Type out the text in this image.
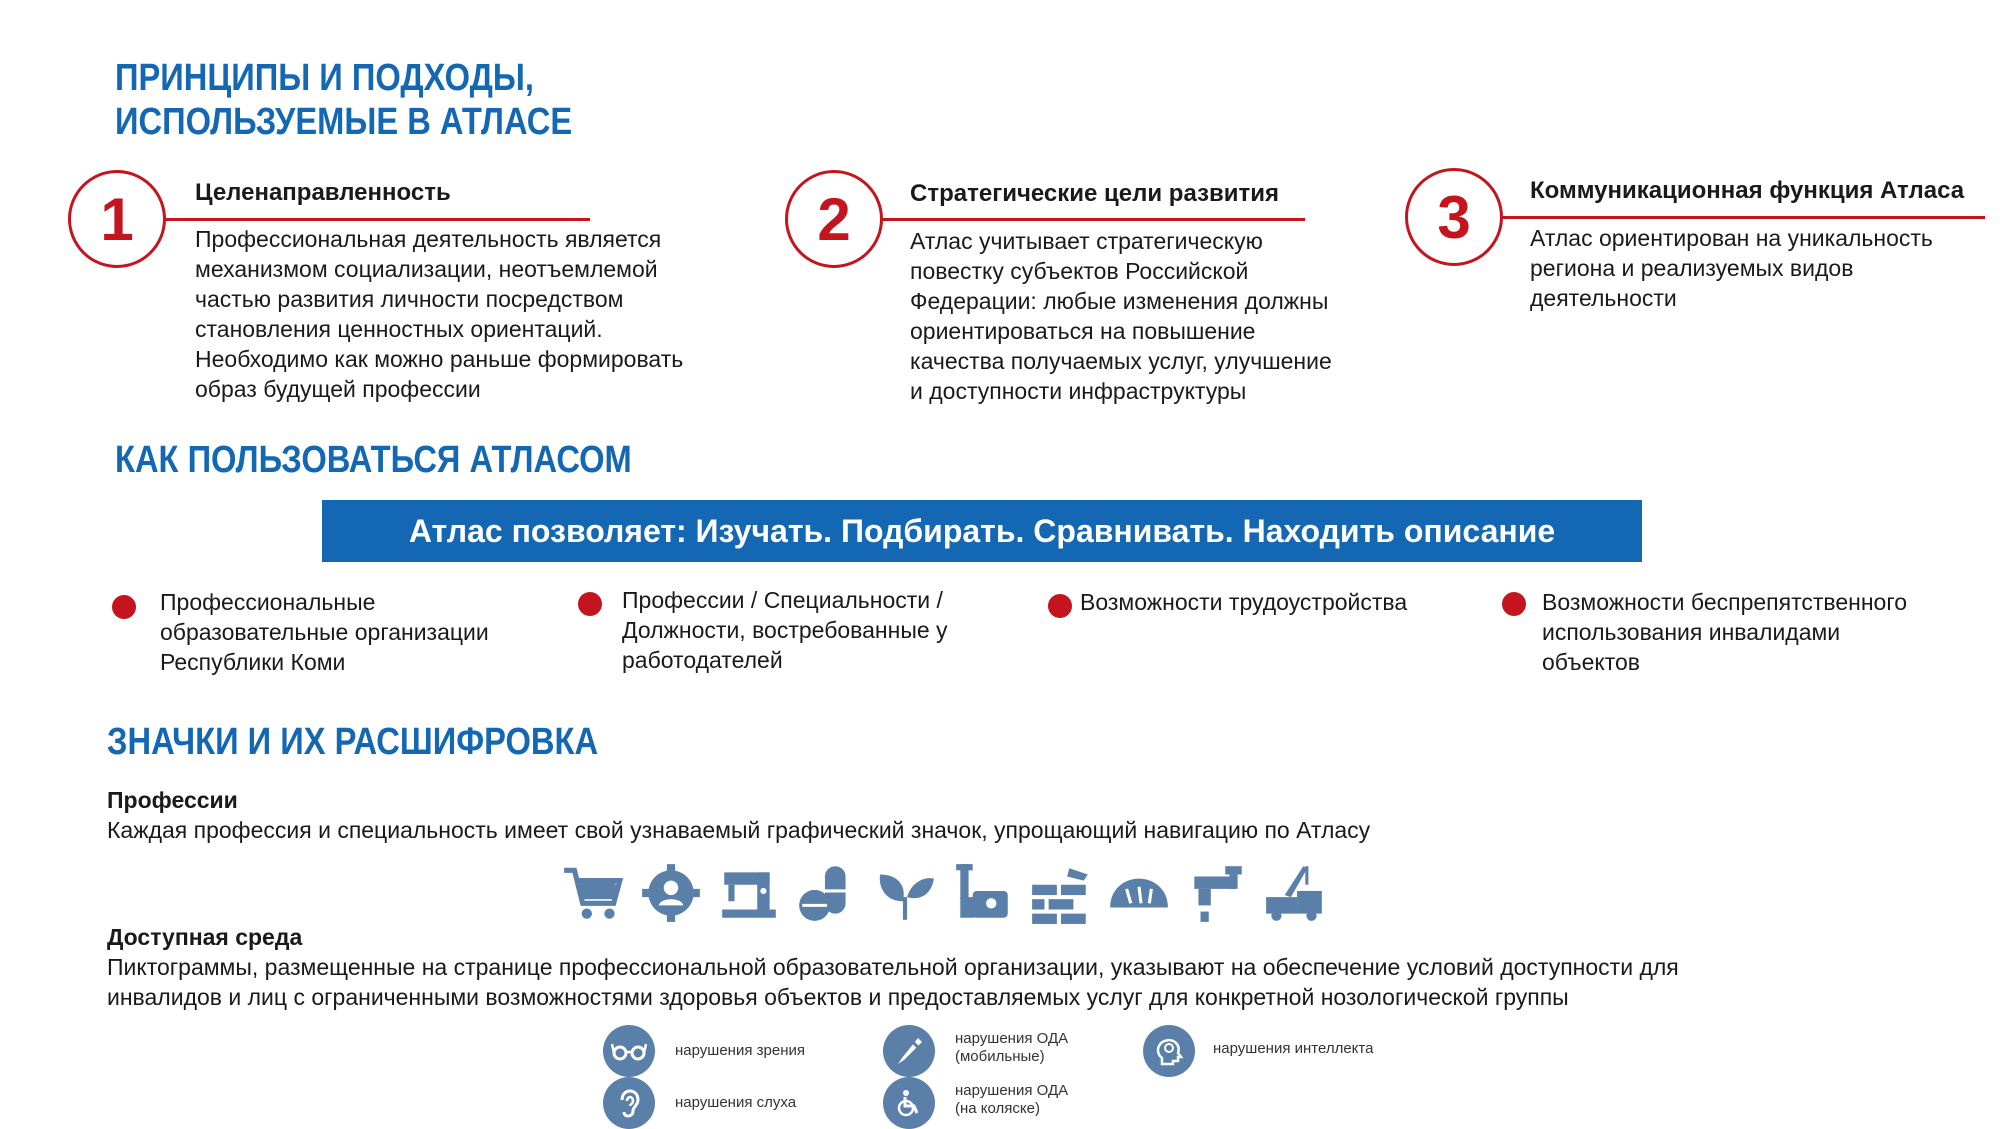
ПРИНЦИПЫ И ПОДХОДЫ,
ИСПОЛЬЗУЕМЫЕ В АТЛАСЕ
1	Целенаправленность
Профессиональная деятельность является
механизмом социализации, неотъемлемой
частью развития личности посредством
становления ценностных ориентаций.
Необходимо как можно раньше формировать
образ будущей профессии
2 Стратегические цели развития
Атлас учитывает стратегическую
повестку субъектов Российской
Федерации: любые изменения должны
ориентироваться на повышение
качества получаемых услуг, улучшение
и доступности инфраструктуры
3 Коммуникационная функция Атласа
Атлас ориентирован на уникальность
региона и реализуемых видов
деятельности
КАК ПОЛЬЗОВАТЬСЯ АТЛАСОМ
Атлас позволяет: Изучать. Подбирать. Сравнивать. Находить описание
Профессиональные
образовательные организации
Республики Коми
Профессии / Специальности /
Должности, востребованные у
работодателей
Возможности трудоустройства	Возможности беспрепятственного
использования инвалидами
объектов
ЗНАЧКИ И ИХ РАСШИФРОВКА
Профессии
Каждая профессия и специальность имеет свой узнаваемый графический значок, упрощающий навигацию по Атласу
Доступная среда
Пиктограммы, размещенные на странице профессиональной образовательной организации, указывают на обеспечение условий доступности для
инвалидов и лиц с ограниченными возможностями здоровья объектов и предоставляемых услуг для конкретной нозологической группы
нарушения зрения
нарушения ОДА
(мобильные)	нарушения интеллекта
нарушения слуха
нарушения ОДА
(на коляске)
